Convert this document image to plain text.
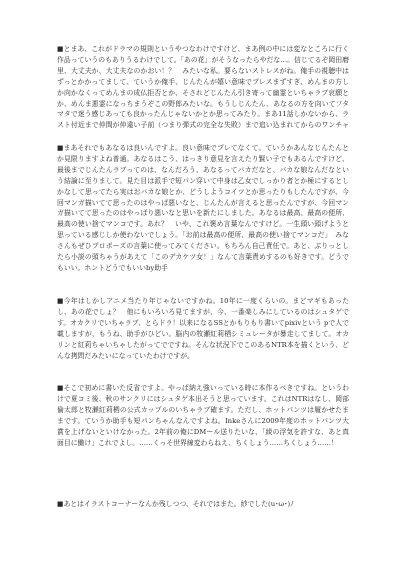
■とまあ、これがドラマの規則というやつなわけですけど、まあ例の中には変なところに行く作品っていうのもありうるわけでして。「あの花」がそうなったらやだな…。信じてるぞ岡田磨里、大丈夫か、大丈夫なのかおい！？　みたいな私。要らないストレスがね。俺手の視聴中はずっとかかってまして、ていうか俺手、じんたんが嬉い意味でプレスまずすぎ、めんまの方しか向かなくってめんまの成仏拒否とか、そされどじんたん引き寄って幽霊といちゃラブ哀願とか、めんま悪霊になっちまうぞこの野郎みたいな。もうしじんたん、あなるの方を向いてフタマタで迷う感じあっても良かったんじゃないかとか思ってみたり。まあ11話しかないから、ラスト付近まで仲間が仲違い子前（つまり弾式の完全な失敗）まで追い込まれてからのワンチャ

■まあそれでもあなるは良いんですよ。良い意味でプレてなくて。ていうかあんなじんたんとか見限りますよね普通。あなるはこう、はっきり意見を言えたり賢い子でもあるんですけど、最後までじんたんラブってのは、なんだろう、あなるってバカだなと、バカな娘なんだなという結論に至りまして。見た目は派手で短パン穿いて中身は乙女でしっかり者とか極にするとしかなして思ってたら実はおバカな娘とか、どうしようコイツとか思ったりもしたんですが、今回マンガ描いてて思ったのはやっぱ悪いなと、じんたんが言えると思ったんですが、今回マンガ描いてて思ったのはやっぱり悪いなと思いを新たにしました。あなるは最高、最高の便所、最高の使い捨てマンコです。あれ？　いや、これ褒め言葉なんですけど。一生頭い頭げようと思っている感じしか使わないでしょう。「お前は最高の便所、最高の使い捨てマンコだ」　みなさんもぜひプロポーズの言葉に使ってみてください。もちろん自己責任で。あと、ぶりっとしたら小説の頭ちゃうがあえて「このデカケツ女！」なんて言葉責めするのも好きです。どうでもいい。ホントどうでもいいby助手

■今年はしかしアニメ当たり年じゃないですかね。10年に一度くらいの。まどマギもあったし、あの花でしょ？　他にもいろいろ見てますが、今、一番楽しみにしているのはシュタゲです。オカクリでいちゃラブ、とらドラ！以来になるSSとかもりもり書いてpixivという pで人で載しますが、もうね、助手がひどい。脳内の牧瀬紅莉栖シミュレータが暴走してまして。オカリンと紅莉ちゃいちゃしたがってでですね。そんな状況下でこのあるNTR本を描くという、どんな拷問だみたいになっていたわけですが。

■そこで初めに書いた反省ですよ。やっぱ納え強いっている時に本作るべきですね。というわけで夏コミ後、秋のサンクリにはシュタゲ本出そうと思っています。これはNTRはなし、岡部倫太郎と牧瀬紅莉栖の公式カップルのいちゃラブ確ます。ただし、ホットパンツは履かせたままです。ていうか助手も短パンちゃんなんですよね。Inkeさんに2009年度のホットパンツ大賞を上げないといけなかった。2年前の俺にDMール送りたいな、「綾の浮気を許すな、あと真面目に働け」これでよし。……くっそ世界線変わらねえ、ちくしょう……ちくしょう……！

■あとはイラストコーナーなんか残しつつ、それではまた。紗でした(u･ω･)ﾉ
